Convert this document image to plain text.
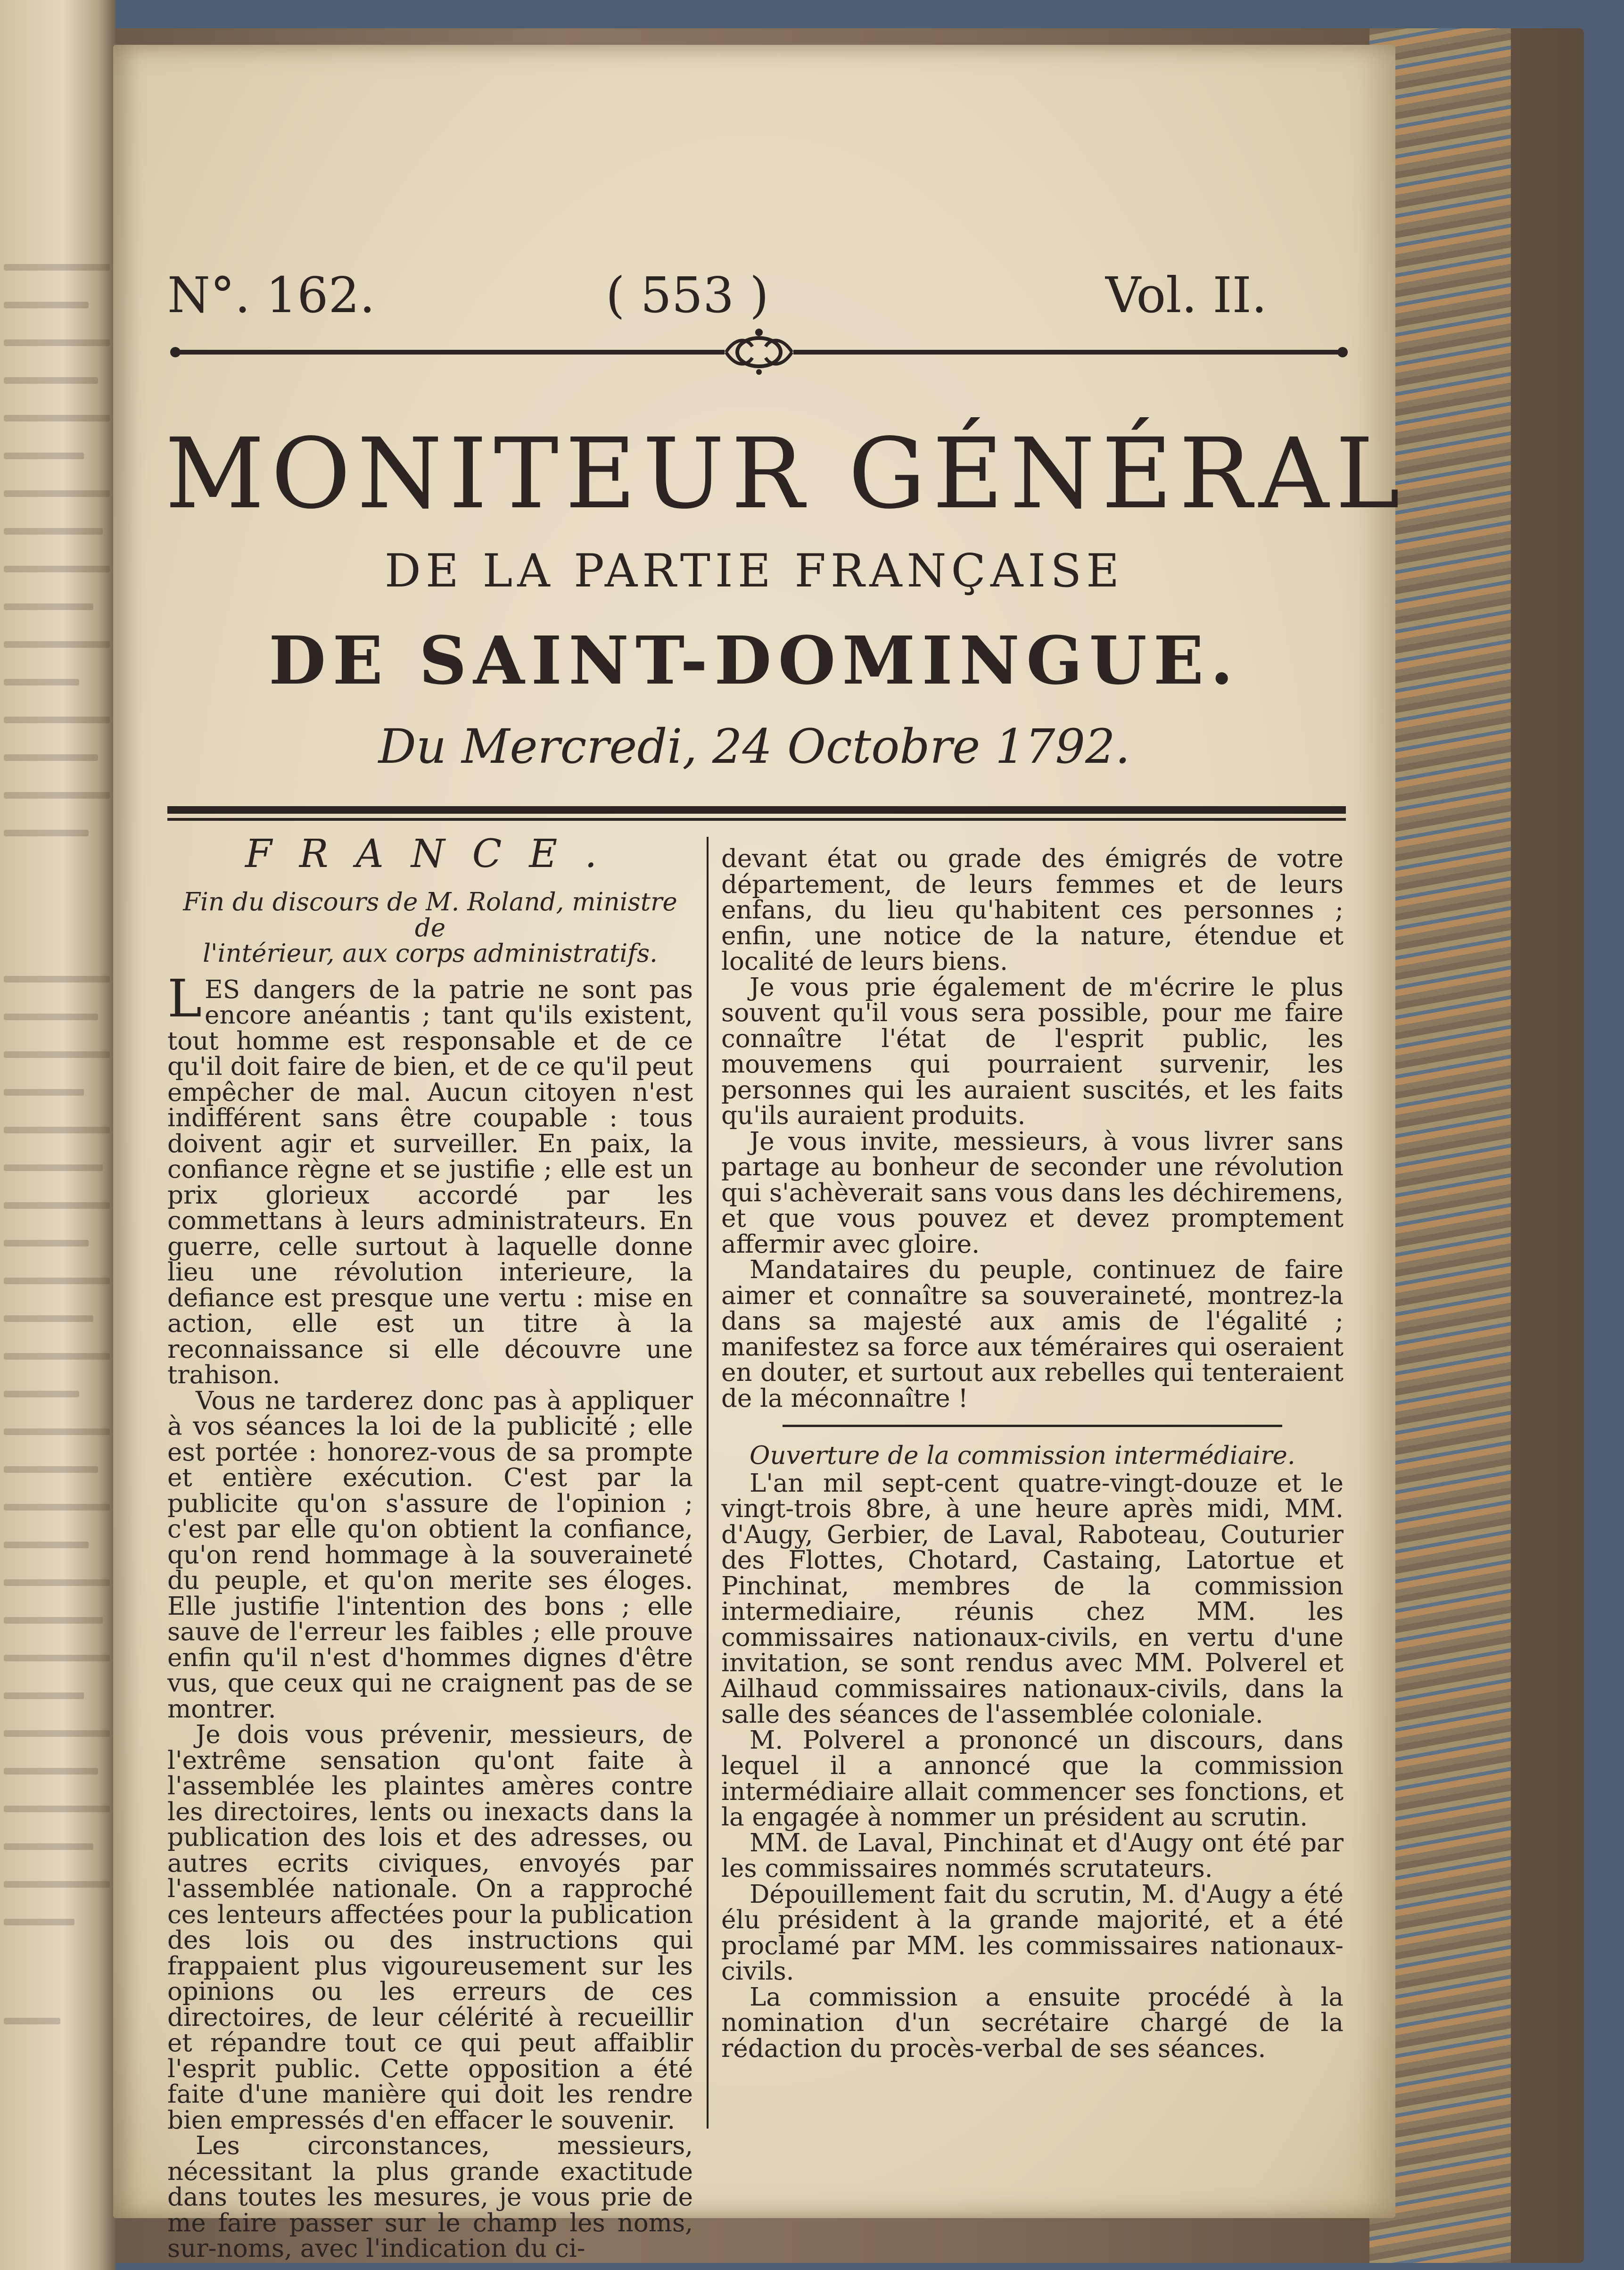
N°. 162.	( 553 )	Vol. II.
MONITEUR GÉNÉRAL
DE LA PARTIE FRANÇAISE
DE SAINT-DOMINGUE.
Du Mercredi, 24 Octobre 1792.
FRANCE.
Fin du discours de M. Roland, ministre de
l'intérieur, aux corps administratifs.

LES dangers de la patrie ne sont pas encore anéantis ; tant qu'ils existent, tout homme est responsable et de ce qu'il doit faire de bien, et de ce qu'il peut empêcher de mal. Aucun citoyen n'est indifférent sans être coupable : tous doivent agir et surveiller. En paix, la confiance règne et se justifie ; elle est un prix glorieux accordé par les commettans à leurs administrateurs. En guerre, celle surtout à laquelle donne lieu une révolution interieure, la defiance est presque une vertu : mise en action, elle est un titre à la reconnaissance si elle découvre une trahison.

Vous ne tarderez donc pas à appliquer à vos séances la loi de la publicité ; elle est portée : honorez-vous de sa prompte et entière exécution. C'est par la publicite qu'on s'assure de l'opinion ; c'est par elle qu'on obtient la confiance, qu'on rend hommage à la souveraineté du peuple, et qu'on merite ses éloges. Elle justifie l'intention des bons ; elle sauve de l'erreur les faibles ; elle prouve enfin qu'il n'est d'hommes dignes d'être vus, que ceux qui ne craignent pas de se montrer.

Je dois vous prévenir, messieurs, de l'extrême sensation qu'ont faite à l'assemblée les plaintes amères contre les directoires, lents ou inexacts dans la publication des lois et des adresses, ou autres ecrits civiques, envoyés par l'assemblée nationale. On a rapproché ces lenteurs affectées pour la publication des lois ou des instructions qui frappaient plus vigoureusement sur les opinions ou les erreurs de ces directoires, de leur célérité à recueillir et répandre tout ce qui peut affaiblir l'esprit public. Cette opposition a été faite d'une manière qui doit les rendre bien empressés d'en effacer le souvenir.

Les circonstances, messieurs, nécessitant la plus grande exactitude dans toutes les mesures, je vous prie de me faire passer sur le champ les noms, sur-noms, avec l'indication du ci-

devant état ou grade des émigrés de votre département, de leurs femmes et de leurs enfans, du lieu qu'habitent ces personnes ; enfin, une notice de la nature, étendue et localité de leurs biens.

Je vous prie également de m'écrire le plus souvent qu'il vous sera possible, pour me faire connaître l'état de l'esprit public, les mouvemens qui pourraient survenir, les personnes qui les auraient suscités, et les faits qu'ils auraient produits.

Je vous invite, messieurs, à vous livrer sans partage au bonheur de seconder une révolution qui s'achèverait sans vous dans les déchiremens, et que vous pouvez et devez promptement affermir avec gloire.

Mandataires du peuple, continuez de faire aimer et connaître sa souveraineté, montrez-la dans sa majesté aux amis de l'égalité ; manifestez sa force aux téméraires qui oseraient en douter, et surtout aux rebelles qui tenteraient de la méconnaître !

Ouverture de la commission intermédiaire.

L'an mil sept-cent quatre-vingt-douze et le vingt-trois 8bre, à une heure après midi, MM. d'Augy, Gerbier, de Laval, Raboteau, Couturier des Flottes, Chotard, Castaing, Latortue et Pinchinat, membres de la commission intermediaire, réunis chez MM. les commissaires nationaux-civils, en vertu d'une invitation, se sont rendus avec MM. Polverel et Ailhaud commissaires nationaux-civils, dans la salle des séances de l'assemblée coloniale.

M. Polverel a prononcé un discours, dans lequel il a annoncé que la commission intermédiaire allait commencer ses fonctions, et la engagée à nommer un président au scrutin.

MM. de Laval, Pinchinat et d'Augy ont été par les commissaires nommés scrutateurs.

Dépouillement fait du scrutin, M. d'Augy a été élu président à la grande majorité, et a été proclamé par MM. les commissaires nationaux-civils.

La commission a ensuite procédé à la nomination d'un secrétaire chargé de la rédaction du procès-verbal de ses séances.
